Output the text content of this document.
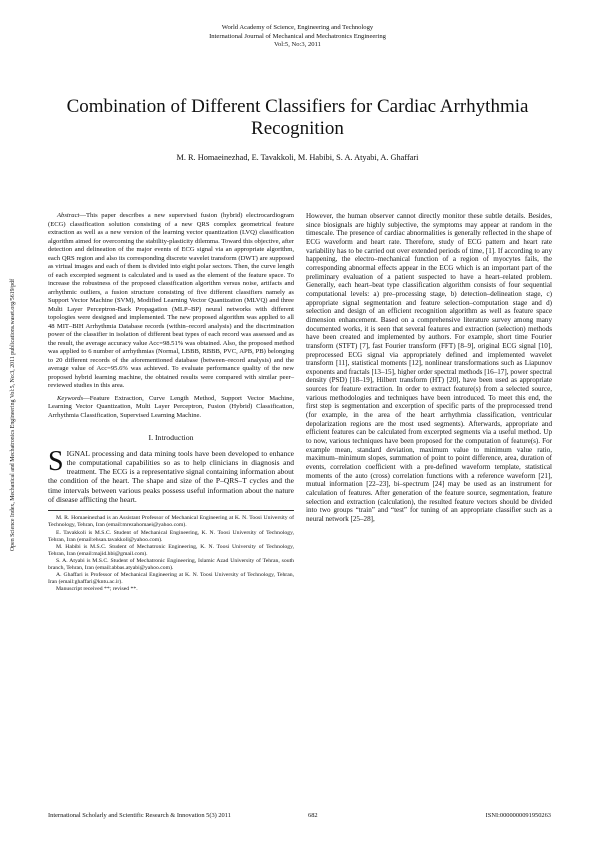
World Academy of Science, Engineering and Technology
International Journal of Mechanical and Mechatronics Engineering
Vol:5, No:3, 2011
Combination of Different Classifiers for Cardiac Arrhythmia Recognition
M. R. Homaeinezhad, E. Tavakkoli, M. Habibi, S. A. Atyabi, A. Ghaffari
Open Science Index, Mechanical and Mechatronics Engineering Vol:5, No:3, 2011 publications.waset.org/5619/pdf

Abstract—This paper describes a new supervised fusion (hybrid) electrocardiogram (ECG) classification solution consisting of a new QRS complex geometrical feature extraction as well as a new version of the learning vector quantization (LVQ) classification algorithm aimed for overcoming the stability-plasticity dilemma. Toward this objective, after detection and delineation of the major events of ECG signal via an appropriate algorithm, each QRS region and also its corresponding discrete wavelet transform (DWT) are supposed as virtual images and each of them is divided into eight polar sectors. Then, the curve length of each excerpted segment is calculated and is used as the element of the feature space. To increase the robustness of the proposed classification algorithm versus noise, artifacts and arrhythmic outliers, a fusion structure consisting of five different classifiers namely as Support Vector Machine (SVM), Modified Learning Vector Quantization (MLVQ) and three Multi Layer Perceptron-Back Propagation (MLP–BP) neural networks with different topologies were designed and implemented. The new proposed algorithm was applied to all 48 MIT–BIH Arrhythmia Database records (within–record analysis) and the discrimination power of the classifier in isolation of different beat types of each record was assessed and as the result, the average accuracy value Acc=98.51% was obtained. Also, the proposed method was applied to 6 number of arrhythmias (Normal, LBBB, RBBB, PVC, APB, PB) belonging to 20 different records of the aforementioned database (between–record analysis) and the average value of Acc=95.6% was achieved. To evaluate performance quality of the new proposed hybrid learning machine, the obtained results were compared with similar peer–reviewed studies in this area.

Keywords—Feature Extraction, Curve Length Method, Support Vector Machine, Learning Vector Quantization, Multi Layer Perceptron, Fusion (Hybrid) Classification, Arrhythmia Classification, Supervised Learning Machine.

I. Introduction

SIGNAL processing and data mining tools have been developed to enhance the computational capabilities so as to help clinicians in diagnosis and treatment. The ECG is a representative signal containing information about the condition of the heart. The shape and size of the P–QRS–T cycles and the time intervals between various peaks possess useful information about the nature of disease afflicting the heart.

M. R. Homaeinezhad is an Assistant Professor of Mechanical Engineering at K. N. Toosi University of Technology, Tehran, Iran (email:mrezahomaei@yahoo.com).

E. Tavakkoli is M.S.C. Student of Mechanical Engineering, K. N. Toosi University of Technology, Tehran, Iran (email:ehsan.tavakkoli@yahoo.com).

M. Habibi is M.S.C. Student of Mechatronic Engineering, K. N. Toosi University of Technology, Tehran, Iran (email:majid.hbi@gmail.com).

S. A. Atyabi is M.S.C. Student of Mechatronic Engineering, Islamic Azad University of Tehran, south branch, Tehran, Iran (email:abbas.atyabi@yahoo.com).

A. Ghaffari is Professor of Mechanical Engineering at K. N. Toosi University of Technology, Tehran, Iran (email:ghaffari@kntu.ac.ir).

Manuscript received **; revised **.

However, the human observer cannot directly monitor these subtle details. Besides, since biosignals are highly subjective, the symptoms may appear at random in the timescale. The presence of cardiac abnormalities is generally reflected in the shape of ECG waveform and heart rate. Therefore, study of ECG pattern and heart rate variability has to be carried out over extended periods of time, [1]. If according to any happening, the electro–mechanical function of a region of myocytes fails, the corresponding abnormal effects appear in the ECG which is an important part of the preliminary evaluation of a patient suspected to have a heart–related problem. Generally, each heart–beat type classification algorithm consists of four sequential computational levels: a) pre–processing stage, b) detection–delineation stage, c) appropriate signal segmentation and feature selection–computation stage and d) selection and design of an efficient recognition algorithm as well as feature space dimension enhancement. Based on a comprehensive literature survey among many documented works, it is seen that several features and extraction (selection) methods have been created and implemented by authors. For example, short time Fourier transform (STFT) [7], fast Fourier transform (FFT) [8–9], original ECG signal [10], preprocessed ECG signal via appropriately defined and implemented wavelet transform [11], statistical moments [12], nonlinear transformations such as Liapunov exponents and fractals [13–15], higher order spectral methods [16–17], power spectral density (PSD) [18–19], Hilbert transform (HT) [20], have been used as appropriate sources for feature extraction. In order to extract feature(s) from a selected source, various methodologies and techniques have been introduced. To meet this end, the first step is segmentation and excerption of specific parts of the preprocessed trend (for example, in the area of the heart arrhythmia classification, ventricular depolarization regions are the most used segments). Afterwards, appropriate and efficient features can be calculated from excerpted segments via a useful method. Up to now, various techniques have been proposed for the computation of feature(s). For example mean, standard deviation, maximum value to minimum value ratio, maximum–minimum slopes, summation of point to point difference, area, duration of events, correlation coefficient with a pre-defined waveform template, statistical moments of the auto (cross) correlation functions with a reference waveform [21], mutual information [22–23], bi–spectrum [24] may be used as an instrument for calculation of features. After generation of the feature source, segmentation, feature selection and extraction (calculation), the resulted feature vectors should be divided into two groups “train” and “test” for tuning of an appropriate classifier such as a neural network [25–28],

International Scholarly and Scientific Research & Innovation 5(3) 2011	682	ISNI:0000000091950263
